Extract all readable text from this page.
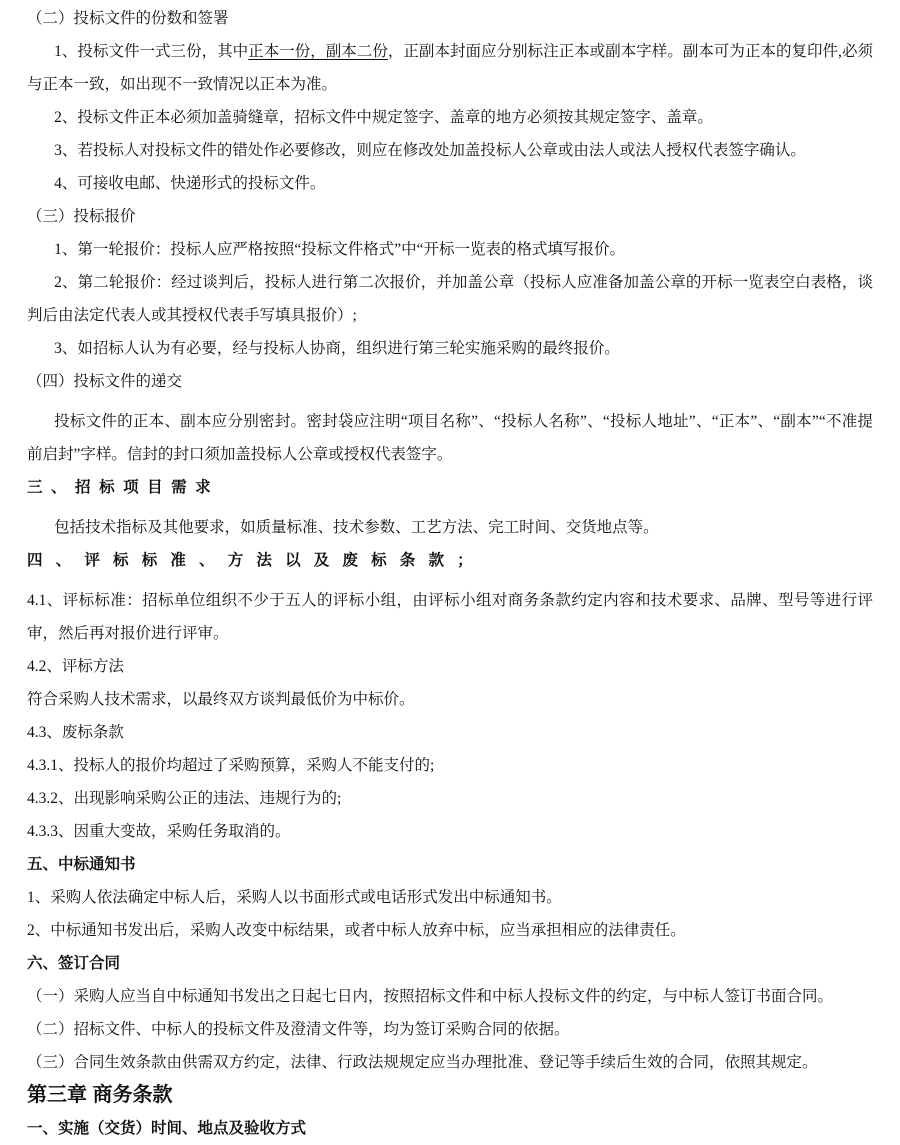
（二）投标文件的份数和签署

1、投标文件一式三份，其中正本一份，副本二份，正副本封面应分别标注正本或副本字样。副本可为正本的复印件,必须与正本一致，如出现不一致情况以正本为准。

2、投标文件正本必须加盖骑缝章，招标文件中规定签字、盖章的地方必须按其规定签字、盖章。

3、若投标人对投标文件的错处作必要修改，则应在修改处加盖投标人公章或由法人或法人授权代表签字确认。

4、可接收电邮、快递形式的投标文件。

（三）投标报价

1、第一轮报价：投标人应严格按照“投标文件格式”中“开标一览表的格式填写报价。

2、第二轮报价：经过谈判后，投标人进行第二次报价，并加盖公章（投标人应准备加盖公章的开标一览表空白表格，谈判后由法定代表人或其授权代表手写填具报价）;

3、如招标人认为有必要，经与投标人协商，组织进行第三轮实施采购的最终报价。

（四）投标文件的递交

投标文件的正本、副本应分别密封。密封袋应注明“项目名称”、“投标人名称”、“投标人地址”、“正本”、“副本”“不准提前启封”字样。信封的封口须加盖投标人公章或授权代表签字。

三、招标项目需求

包括技术指标及其他要求，如质量标准、技术参数、工艺方法、完工时间、交货地点等。

四、评标标准、方法以及废标条款；

4.1、评标标准：招标单位组织不少于五人的评标小组，由评标小组对商务条款约定内容和技术要求、品牌、型号等进行评审，然后再对报价进行评审。

4.2、评标方法

符合采购人技术需求，以最终双方谈判最低价为中标价。

4.3、废标条款

4.3.1、投标人的报价均超过了采购预算，采购人不能支付的;

4.3.2、出现影响采购公正的违法、违规行为的;

4.3.3、因重大变故，采购任务取消的。

五、中标通知书

1、采购人依法确定中标人后，采购人以书面形式或电话形式发出中标通知书。

2、中标通知书发出后，采购人改变中标结果，或者中标人放弃中标，应当承担相应的法律责任。

六、签订合同

（一）采购人应当自中标通知书发出之日起七日内，按照招标文件和中标人投标文件的约定，与中标人签订书面合同。

（二）招标文件、中标人的投标文件及澄清文件等，均为签订采购合同的依据。

（三）合同生效条款由供需双方约定，法律、行政法规规定应当办理批准、登记等手续后生效的合同，依照其规定。

第三章 商务条款

一、实施（交货）时间、地点及验收方式
